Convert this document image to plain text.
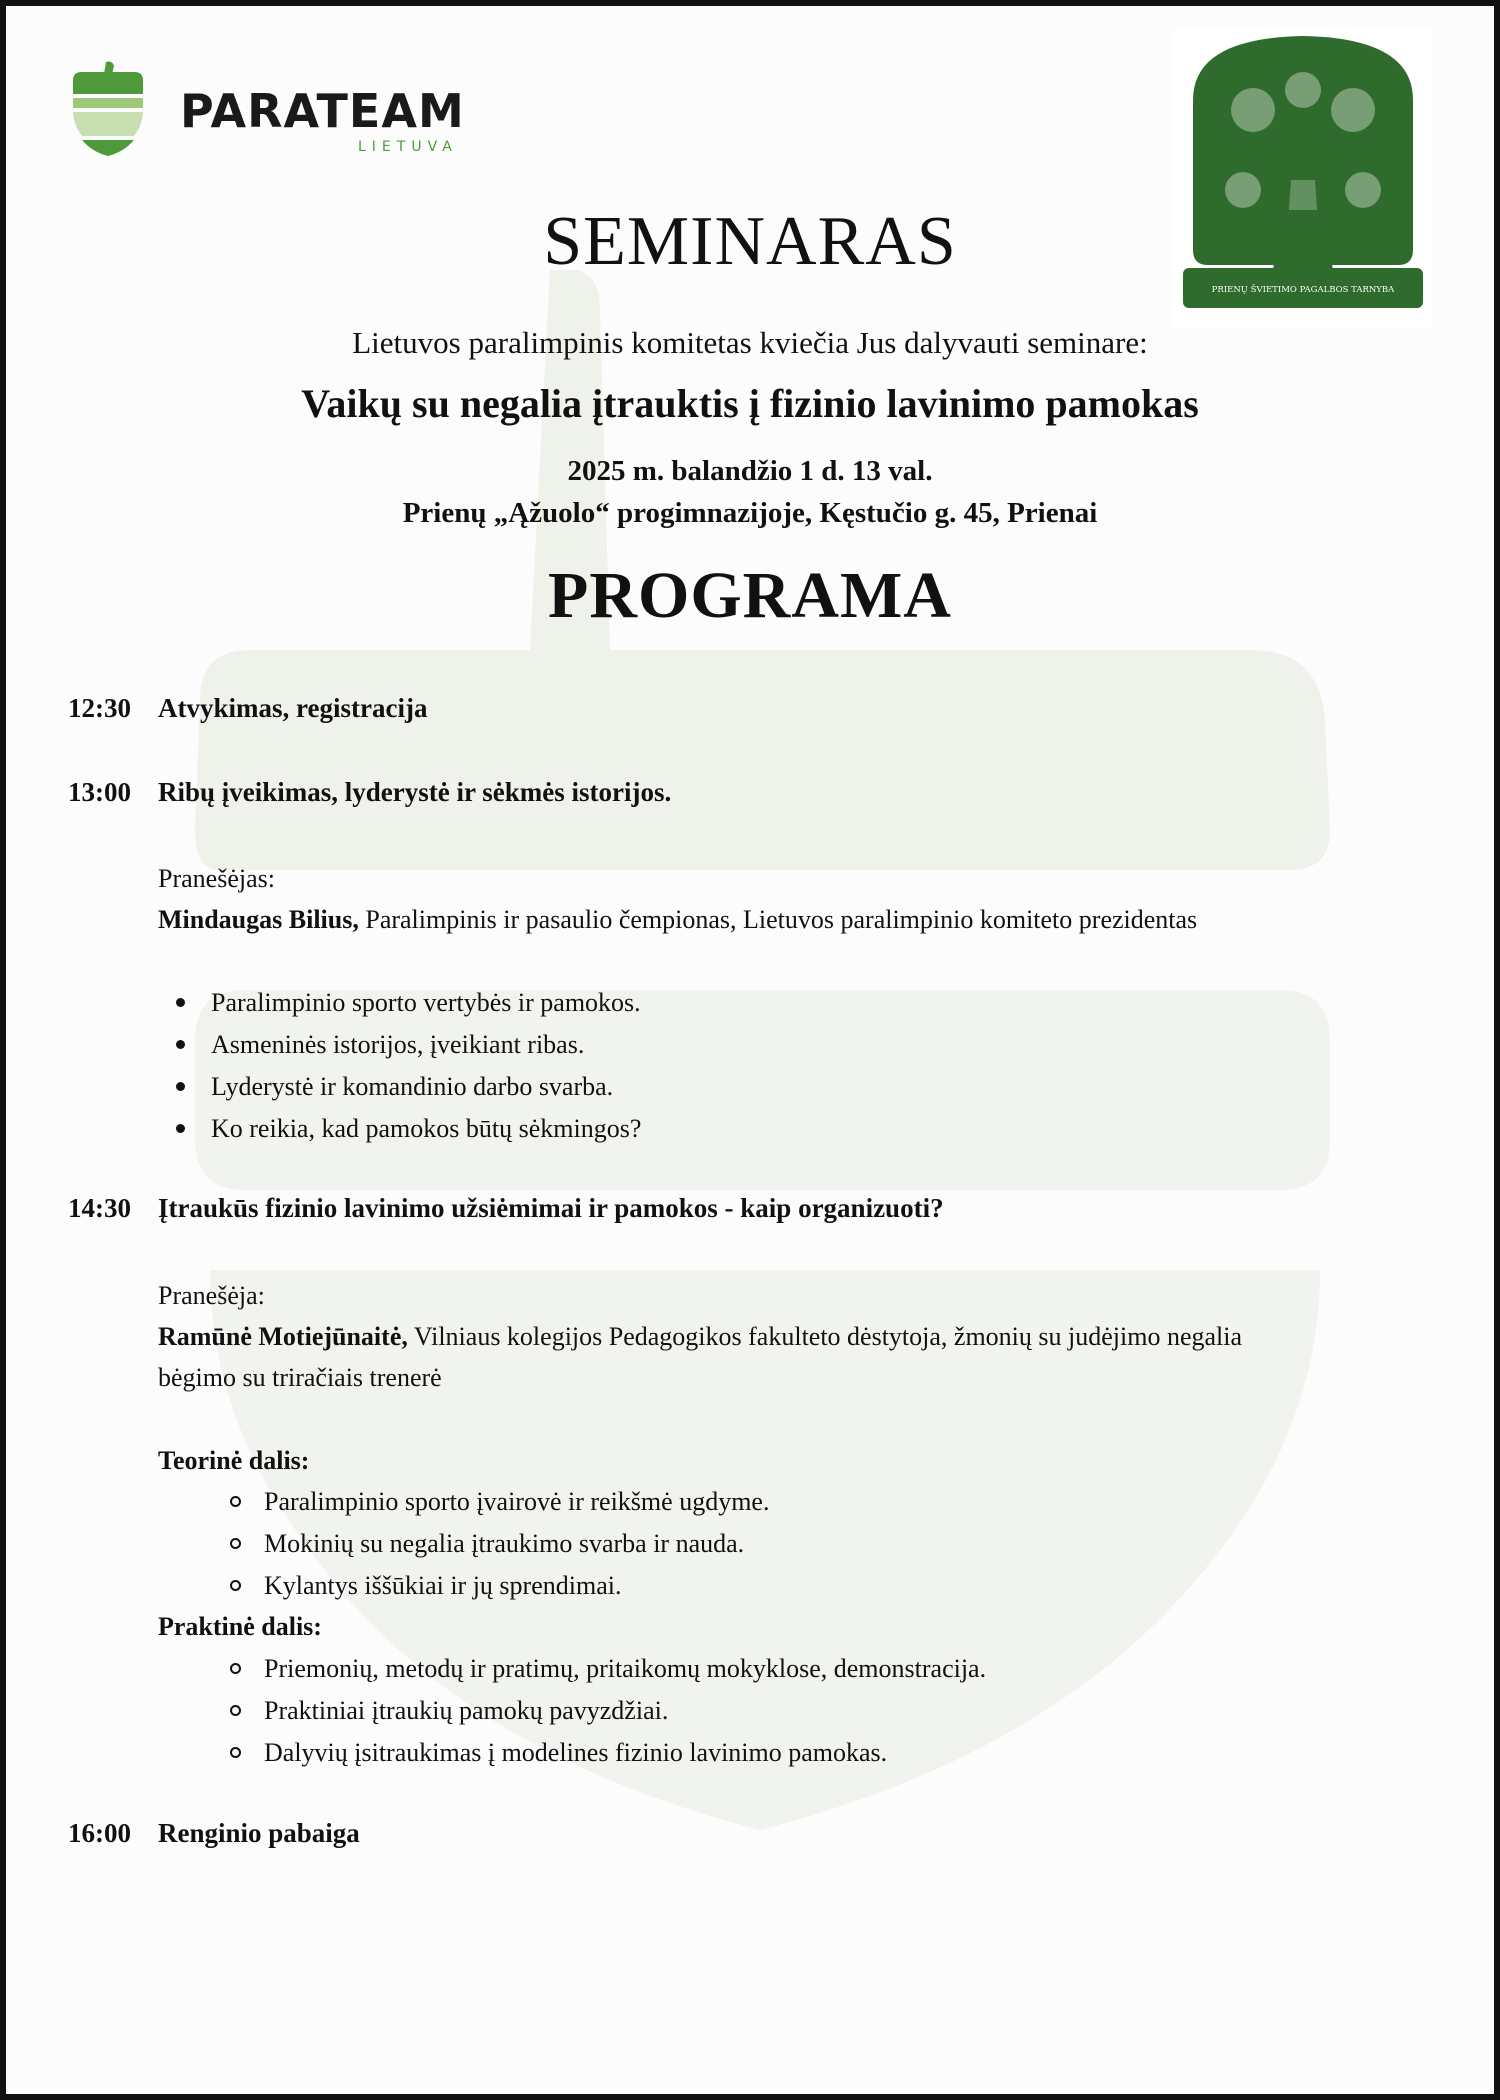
PARATEAM
LIETUVA
PRIENŲ ŠVIETIMO PAGALBOS TARNYBA
SEMINARAS
Lietuvos paralimpinis komitetas kviečia Jus dalyvauti seminare:
Vaikų su negalia įtrauktis į fizinio lavinimo pamokas
2025 m. balandžio 1 d. 13 val.
Prienų „Ąžuolo“ progimnazijoje, Kęstučio g. 45, Prienai
PROGRAMA
12:30 Atvykimas, registracija
13:00 Ribų įveikimas, lyderystė ir sėkmės istorijos.
Pranešėjas:
Mindaugas Bilius, Paralimpinis ir pasaulio čempionas, Lietuvos paralimpinio komiteto prezidentas
Paralimpinio sporto vertybės ir pamokos.
Asmeninės istorijos, įveikiant ribas.
Lyderystė ir komandinio darbo svarba.
Ko reikia, kad pamokos būtų sėkmingos?
14:30 Įtraukūs fizinio lavinimo užsiėmimai ir pamokos - kaip organizuoti?
Pranešėja:
Ramūnė Motiejūnaitė, Vilniaus kolegijos Pedagogikos fakulteto dėstytoja, žmonių su judėjimo negalia
bėgimo su triračiais trenerė
Teorinė dalis:
Paralimpinio sporto įvairovė ir reikšmė ugdyme.
Mokinių su negalia įtraukimo svarba ir nauda.
Kylantys iššūkiai ir jų sprendimai.
Praktinė dalis:
Priemonių, metodų ir pratimų, pritaikomų mokyklose, demonstracija.
Praktiniai įtraukių pamokų pavyzdžiai.
Dalyvių įsitraukimas į modelines fizinio lavinimo pamokas.
16:00 Renginio pabaiga
